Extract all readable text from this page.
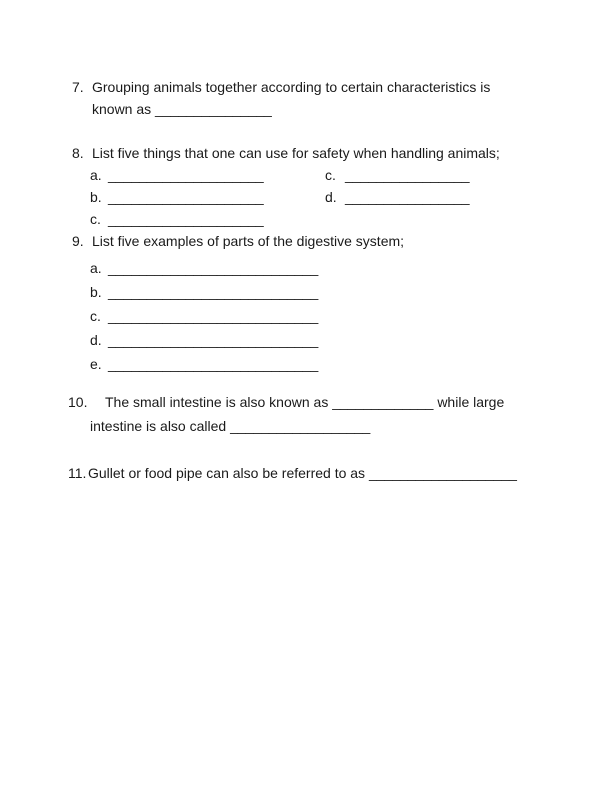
7. Grouping animals together according to certain characteristics is
known as _______________
8. List five things that one can use for safety when handling animals;
a. ____________________	c. ________________
b. ____________________	d. ________________
c. ____________________
9. List five examples of parts of the digestive system;
a. ___________________________
b. ___________________________
c. ___________________________
d. ___________________________
e. ___________________________
10.	The small intestine is also known as _____________ while large
intestine is also called __________________
11. Gullet or food pipe can also be referred to as ___________________
